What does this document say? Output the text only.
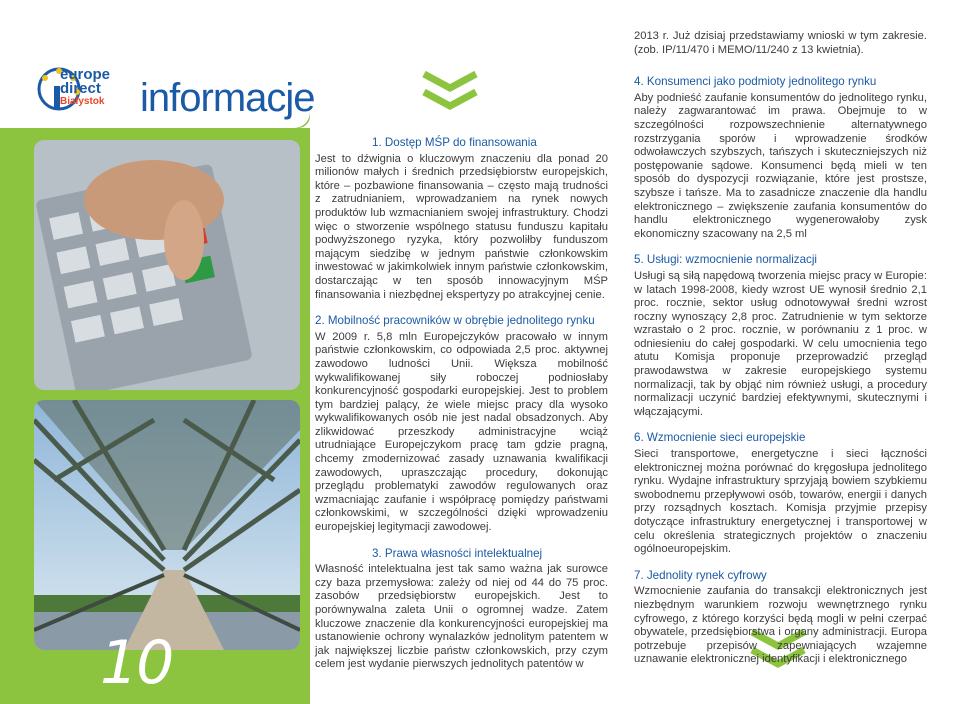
europe
direct
Białystok informacje
10
1. Dostęp MŚP do finansowania

Jest to dźwignia o kluczowym znaczeniu dla ponad 20 milionów małych i średnich przedsiębiorstw europejskich, które – pozbawione finansowania – często mają trudności z zatrudnianiem, wprowadzaniem na rynek nowych produktów lub wzmacnianiem swojej infrastruktury. Chodzi więc o stworzenie wspólnego statusu funduszu kapitału podwyższonego ryzyka, który pozwoliłby funduszom mającym siedzibę w jednym państwie członkowskim inwestować w jakimkolwiek innym państwie członkowskim, dostarczając w ten sposób innowacyjnym MŚP finansowania i niezbędnej ekspertyzy po atrakcyjnej cenie.

2. Mobilność pracowników w obrębie jednolitego rynku

W 2009 r. 5,8 mln Europejczyków pracowało w innym państwie członkowskim, co odpowiada 2,5 proc. aktywnej zawodowo ludności Unii. Większa mobilność wykwalifikowanej siły roboczej podniosłaby konkurencyjność gospodarki europejskiej. Jest to problem tym bardziej palący, że wiele miejsc pracy dla wysoko wykwalifikowanych osób nie jest nadal obsadzonych. Aby zlikwidować przeszkody administracyjne wciąż utrudniające Europejczykom pracę tam gdzie pragną, chcemy zmodernizować zasady uznawania kwalifikacji zawodowych, upraszczając procedury, dokonując przeglądu problematyki zawodów regulowanych oraz wzmacniając zaufanie i współpracę pomiędzy państwami członkowskimi, w szczególności dzięki wprowadzeniu europejskiej legitymacji zawodowej.

3. Prawa własności intelektualnej

Własność intelektualna jest tak samo ważna jak surowce czy baza przemysłowa: zależy od niej od 44 do 75 proc. zasobów przedsiębiorstw europejskich. Jest to porównywalna zaleta Unii o ogromnej wadze. Zatem kluczowe znaczenie dla konkurencyjności europejskiej ma ustanowienie ochrony wynalazków jednolitym patentem w jak największej liczbie państw członkowskich, przy czym celem jest wydanie pierwszych jednolitych patentów w

2013 r. Już dzisiaj przedstawiamy wnioski w tym zakresie. (zob. IP/11/470 i MEMO/11/240 z 13 kwietnia).

4. Konsumenci jako podmioty jednolitego rynku

Aby podnieść zaufanie konsumentów do jednolitego rynku, należy zagwarantować im prawa. Obejmuje to w szczególności rozpowszechnienie alternatywnego rozstrzygania sporów i wprowadzenie środków odwoławczych szybszych, tańszych i skuteczniejszych niż postępowanie sądowe. Konsumenci będą mieli w ten sposób do dyspozycji rozwiązanie, które jest prostsze, szybsze i tańsze. Ma to zasadnicze znaczenie dla handlu elektronicznego – zwiększenie zaufania konsumentów do handlu elektronicznego wygenerowałoby zysk ekonomiczny szacowany na 2,5 ml

5. Usługi: wzmocnienie normalizacji

Usługi są siłą napędową tworzenia miejsc pracy w Europie: w latach 1998-2008, kiedy wzrost UE wynosił średnio 2,1 proc. rocznie, sektor usług odnotowywał średni wzrost roczny wynoszący 2,8 proc. Zatrudnienie w tym sektorze wzrastało o 2 proc. rocznie, w porównaniu z 1 proc. w odniesieniu do całej gospodarki. W celu umocnienia tego atutu Komisja proponuje przeprowadzić przegląd prawodawstwa w zakresie europejskiego systemu normalizacji, tak by objąć nim również usługi, a procedury normalizacji uczynić bardziej efektywnymi, skutecznymi i włączającymi.

6. Wzmocnienie sieci europejskie

Sieci transportowe, energetyczne i sieci łączności elektronicznej można porównać do kręgosłupa jednolitego rynku. Wydajne infrastruktury sprzyjają bowiem szybkiemu swobodnemu przepływowi osób, towarów, energii i danych przy rozsądnych kosztach. Komisja przyjmie przepisy dotyczące infrastruktury energetycznej i transportowej w celu określenia strategicznych projektów o znaczeniu ogólnoeuropejskim.

7. Jednolity rynek cyfrowy

Wzmocnienie zaufania do transakcji elektronicznych jest niezbędnym warunkiem rozwoju wewnętrznego rynku cyfrowego, z którego korzyści będą mogli w pełni czerpać obywatele, przedsiębiorstwa i organy administracji. Europa potrzebuje przepisów zapewniających wzajemne uznawanie elektronicznej identyfikacji i elektronicznego
